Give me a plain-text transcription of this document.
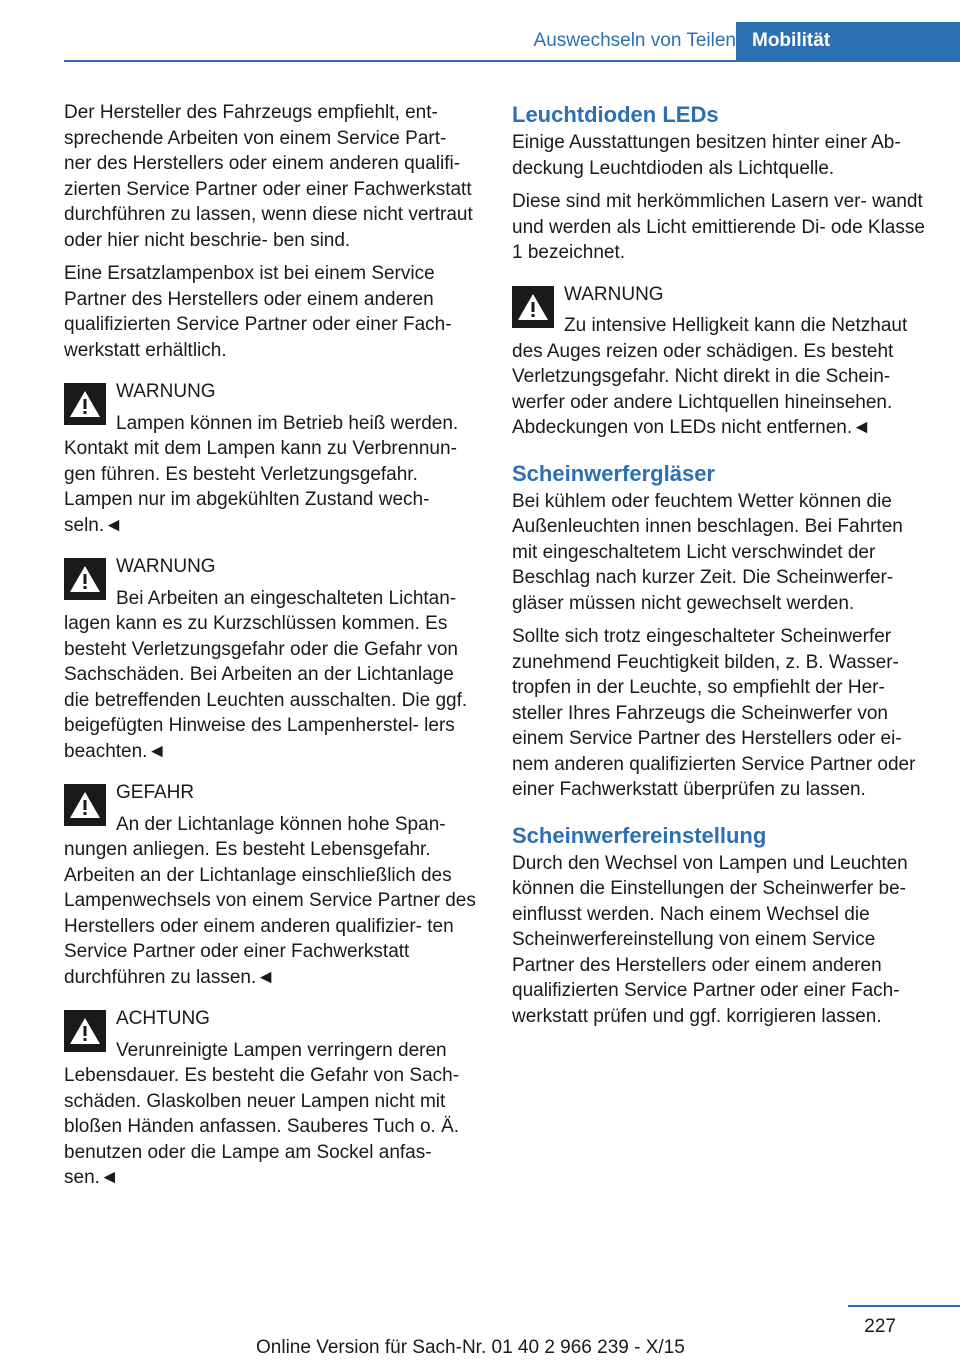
Auswechseln von Teilen Mobilität

Der Hersteller des Fahrzeugs empfiehlt, ent- sprechende Arbeiten von einem Service Part- ner des Herstellers oder einem anderen qualifi- zierten Service Partner oder einer Fachwerkstatt durchführen zu lassen, wenn diese nicht vertraut oder hier nicht beschrie- ben sind.

Eine Ersatzlampenbox ist bei einem Service Partner des Herstellers oder einem anderen qualifizierten Service Partner oder einer Fach- werkstatt erhältlich.

WARNUNG
Lampen können im Betrieb heiß werden.
Kontakt mit dem Lampen kann zu Verbrennun- gen führen. Es besteht Verletzungsgefahr. Lampen nur im abgekühlten Zustand wech- seln.◄
WARNUNG
Bei Arbeiten an eingeschalteten Lichtan-
lagen kann es zu Kurzschlüssen kommen. Es besteht Verletzungsgefahr oder die Gefahr von Sachschäden. Bei Arbeiten an der Lichtanlage die betreffenden Leuchten ausschalten. Die ggf. beigefügten Hinweise des Lampenherstel- lers beachten.◄
GEFAHR
An der Lichtanlage können hohe Span-
nungen anliegen. Es besteht Lebensgefahr. Arbeiten an der Lichtanlage einschließlich des Lampenwechsels von einem Service Partner des Herstellers oder einem anderen qualifizier- ten Service Partner oder einer Fachwerkstatt durchführen zu lassen.◄
ACHTUNG
Verunreinigte Lampen verringern deren
Lebensdauer. Es besteht die Gefahr von Sach- schäden. Glaskolben neuer Lampen nicht mit bloßen Händen anfassen. Sauberes Tuch o. Ä. benutzen oder die Lampe am Sockel anfas- sen.◄
Leuchtdioden LEDs

Einige Ausstattungen besitzen hinter einer Ab- deckung Leuchtdioden als Lichtquelle.

Diese sind mit herkömmlichen Lasern ver- wandt und werden als Licht emittierende Di- ode Klasse 1 bezeichnet.

WARNUNG
Zu intensive Helligkeit kann die Netzhaut
des Auges reizen oder schädigen. Es besteht Verletzungsgefahr. Nicht direkt in die Schein- werfer oder andere Lichtquellen hineinsehen. Abdeckungen von LEDs nicht entfernen.◄
Scheinwerfergläser

Bei kühlem oder feuchtem Wetter können die Außenleuchten innen beschlagen. Bei Fahrten mit eingeschaltetem Licht verschwindet der Beschlag nach kurzer Zeit. Die Scheinwerfer- gläser müssen nicht gewechselt werden.

Sollte sich trotz eingeschalteter Scheinwerfer zunehmend Feuchtigkeit bilden, z. B. Wasser- tropfen in der Leuchte, so empfiehlt der Her- steller Ihres Fahrzeugs die Scheinwerfer von einem Service Partner des Herstellers oder ei- nem anderen qualifizierten Service Partner oder einer Fachwerkstatt überprüfen zu lassen.

Scheinwerfereinstellung

Durch den Wechsel von Lampen und Leuchten können die Einstellungen der Scheinwerfer be- einflusst werden. Nach einem Wechsel die Scheinwerfereinstellung von einem Service Partner des Herstellers oder einem anderen qualifizierten Service Partner oder einer Fach- werkstatt prüfen und ggf. korrigieren lassen.

227
Online Version für Sach-Nr. 01 40 2 966 239 - X/15
